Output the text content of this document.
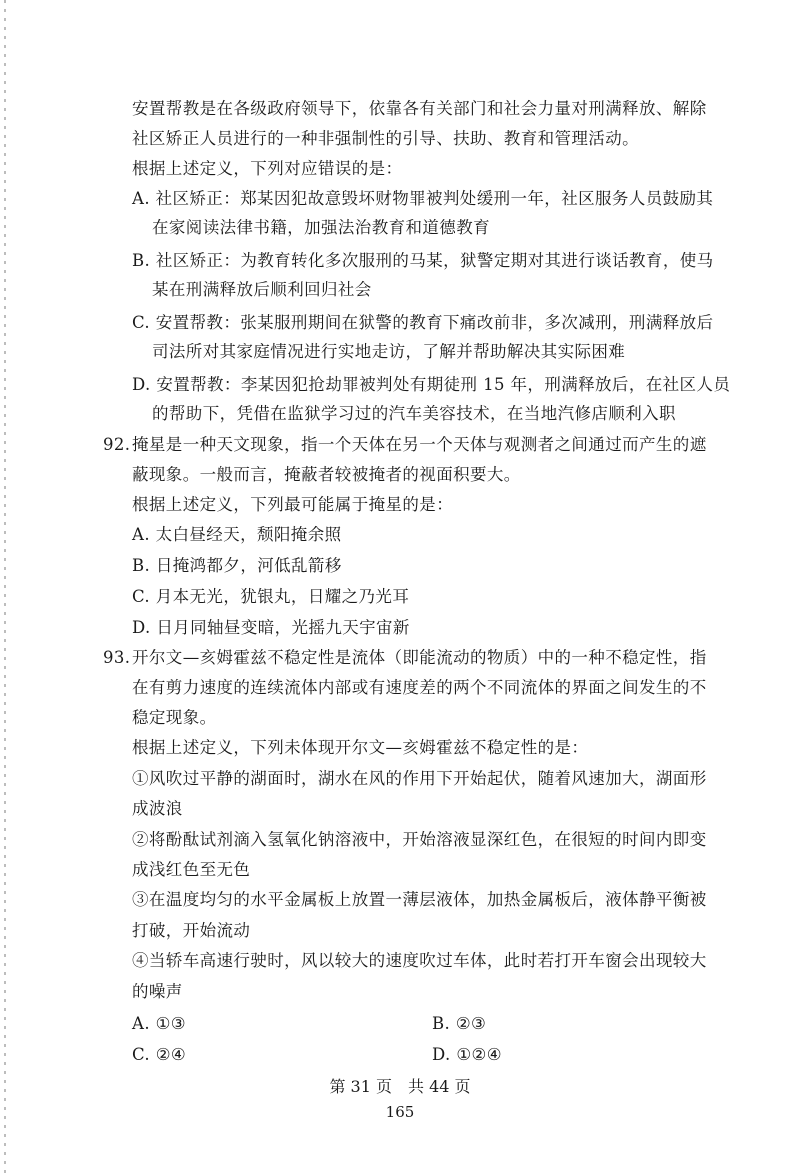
安置帮教是在各级政府领导下，依靠各有关部门和社会力量对刑满释放、解除
社区矫正人员进行的一种非强制性的引导、扶助、教育和管理活动。
根据上述定义，下列对应错误的是：
A. 社区矫正：郑某因犯故意毁坏财物罪被判处缓刑一年，社区服务人员鼓励其
在家阅读法律书籍，加强法治教育和道德教育
B. 社区矫正：为教育转化多次服刑的马某，狱警定期对其进行谈话教育，使马
某在刑满释放后顺利回归社会
C. 安置帮教：张某服刑期间在狱警的教育下痛改前非，多次减刑，刑满释放后
司法所对其家庭情况进行实地走访，了解并帮助解决其实际困难
D. 安置帮教：李某因犯抢劫罪被判处有期徒刑 15 年，刑满释放后，在社区人员
的帮助下，凭借在监狱学习过的汽车美容技术，在当地汽修店顺利入职
92. 掩星是一种天文现象，指一个天体在另一个天体与观测者之间通过而产生的遮
蔽现象。一般而言，掩蔽者较被掩者的视面积要大。
根据上述定义，下列最可能属于掩星的是：
A. 太白昼经天，颓阳掩余照
B. 日掩鸿都夕，河低乱箭移
C. 月本无光，犹银丸，日耀之乃光耳
D. 日月同轴昼变暗，光摇九天宇宙新
93. 开尔文—亥姆霍兹不稳定性是流体（即能流动的物质）中的一种不稳定性，指
在有剪力速度的连续流体内部或有速度差的两个不同流体的界面之间发生的不
稳定现象。
根据上述定义，下列未体现开尔文—亥姆霍兹不稳定性的是：
①风吹过平静的湖面时，湖水在风的作用下开始起伏，随着风速加大，湖面形
成波浪
②将酚酞试剂滴入氢氧化钠溶液中，开始溶液显深红色，在很短的时间内即变
成浅红色至无色
③在温度均匀的水平金属板上放置一薄层液体，加热金属板后，液体静平衡被
打破，开始流动
④当轿车高速行驶时，风以较大的速度吹过车体，此时若打开车窗会出现较大
的噪声
A. ①③	B. ②③
C. ②④	D. ①②④
第 31 页　共 44 页
165
